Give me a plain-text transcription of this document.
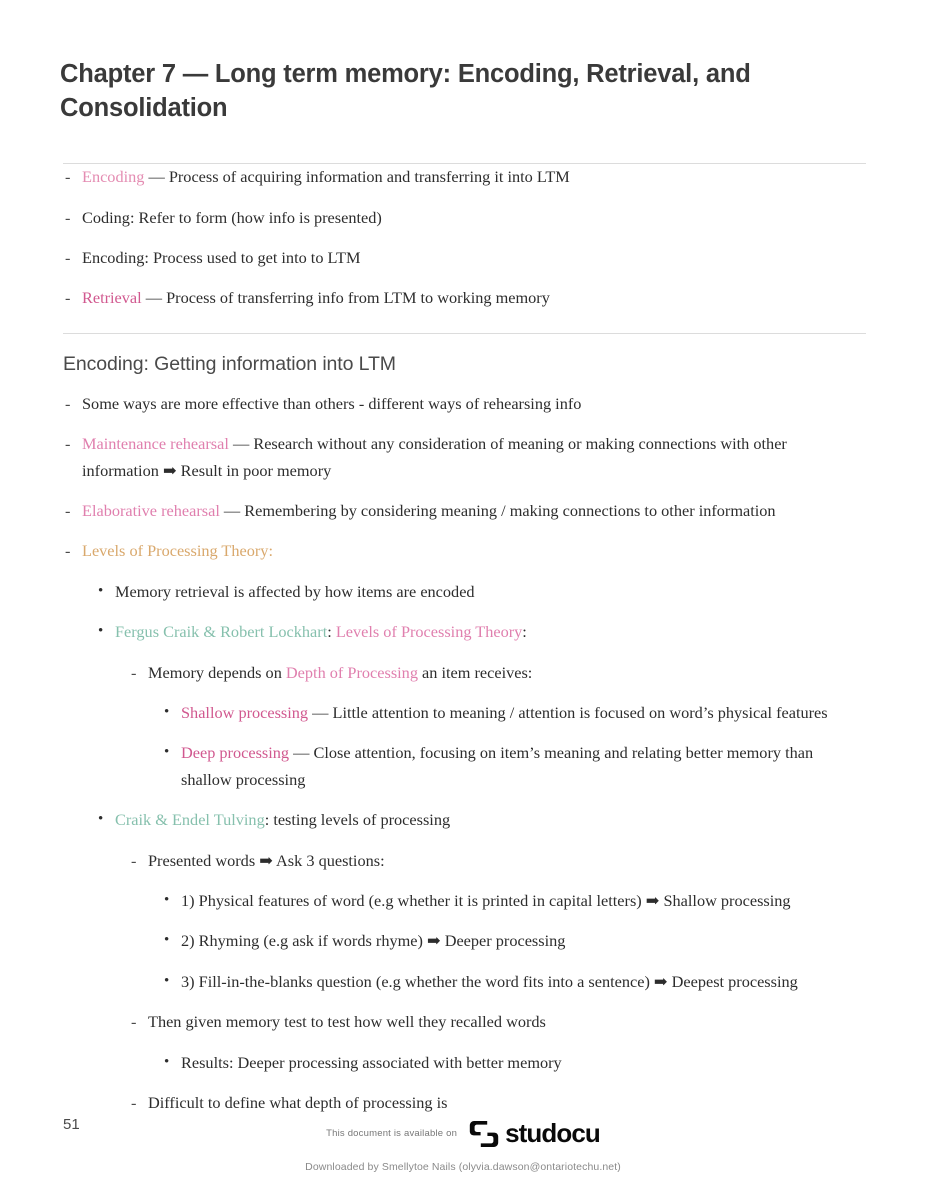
Chapter 7 — Long term memory: Encoding, Retrieval, and Consolidation
- Encoding — Process of acquiring information and transferring it into LTM
- Coding: Refer to form (how info is presented)
- Encoding: Process used to get into to LTM
- Retrieval — Process of transferring info from LTM to working memory
Encoding: Getting information into LTM
- Some ways are more effective than others - different ways of rehearsing info
- Maintenance rehearsal — Research without any consideration of meaning or making connections with other information ➡ Result in poor memory
- Elaborative rehearsal — Remembering by considering meaning / making connections to other information
- Levels of Processing Theory:
• Memory retrieval is affected by how items are encoded
• Fergus Craik & Robert Lockhart: Levels of Processing Theory:
- Memory depends on Depth of Processing an item receives:
• Shallow processing — Little attention to meaning / attention is focused on word’s physical features
• Deep processing — Close attention, focusing on item’s meaning and relating better memory than shallow processing
• Craik & Endel Tulving: testing levels of processing
- Presented words ➡ Ask 3 questions:
• 1) Physical features of word (e.g whether it is printed in capital letters) ➡ Shallow processing
• 2) Rhyming (e.g ask if words rhyme) ➡ Deeper processing
• 3) Fill-in-the-blanks question (e.g whether the word fits into a sentence) ➡ Deepest processing
- Then given memory test to test how well they recalled words
• Results: Deeper processing associated with better memory
- Difficult to define what depth of processing is
51
This document is available on studocu
Downloaded by Smellytoe Nails (olyvia.dawson@ontariotechu.net)
